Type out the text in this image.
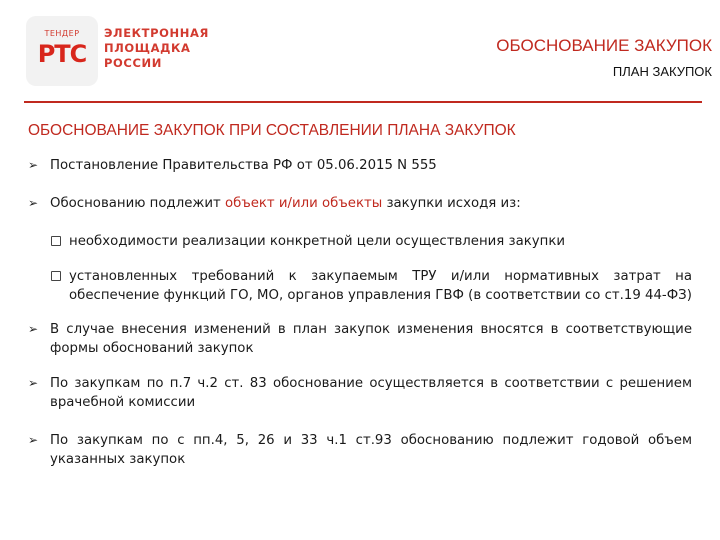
ТЕНДЕР
РТС
ЭЛЕКТРОННАЯ
ПЛОЩАДКА
РОССИИ
ОБОСНОВАНИЕ ЗАКУПОК
ПЛАН ЗАКУПОК
ОБОСНОВАНИЕ ЗАКУПОК ПРИ СОСТАВЛЕНИИ ПЛАНА ЗАКУПОК
➢ Постановление Правительства РФ от 05.06.2015 N 555
➢ Обоснованию подлежит объект и/или объекты закупки исходя из:
необходимости реализации конкретной цели осуществления закупки
установленных требований к закупаемым ТРУ и/или нормативных затрат на обеспечение функций ГО, МО, органов управления ГВФ (в соответствии со ст.19 44-ФЗ)
➢ В случае внесения изменений в план закупок изменения вносятся в соответствующие формы обоснований закупок
➢ По закупкам по п.7 ч.2 ст. 83 обоснование осуществляется в соответствии с решением врачебной комиссии
➢ По закупкам по с пп.4, 5, 26 и 33 ч.1 ст.93 обоснованию подлежит годовой объем указанных закупок
